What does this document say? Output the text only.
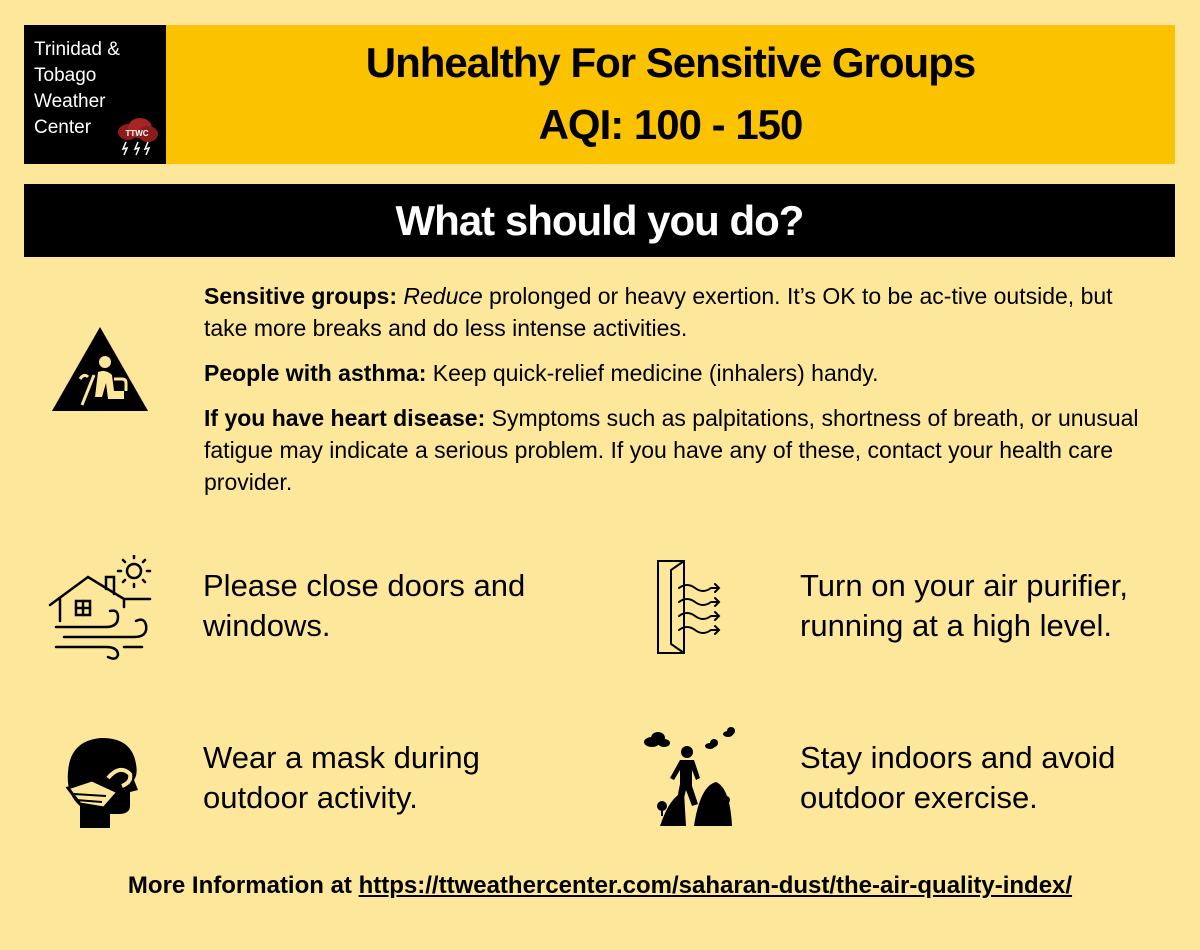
Trinidad &
Tobago
Weather
Center	TTWC
Unhealthy For Sensitive Groups
AQI: 100 - 150
What should you do?

Sensitive groups: Reduce prolonged or heavy exertion. It’s OK to be ac-tive outside, but take more breaks and do less intense activities.

People with asthma: Keep quick-relief medicine (inhalers) handy.

If you have heart disease: Symptoms such as palpitations, shortness of breath, or unusual fatigue may indicate a serious problem. If you have any of these, contact your health care provider.

Please close doors and windows.
Turn on your air purifier, running at a high level.
Wear a mask during outdoor activity.
Stay indoors and avoid outdoor exercise.
More Information at https://ttweathercenter.com/saharan-dust/the-air-quality-index/
